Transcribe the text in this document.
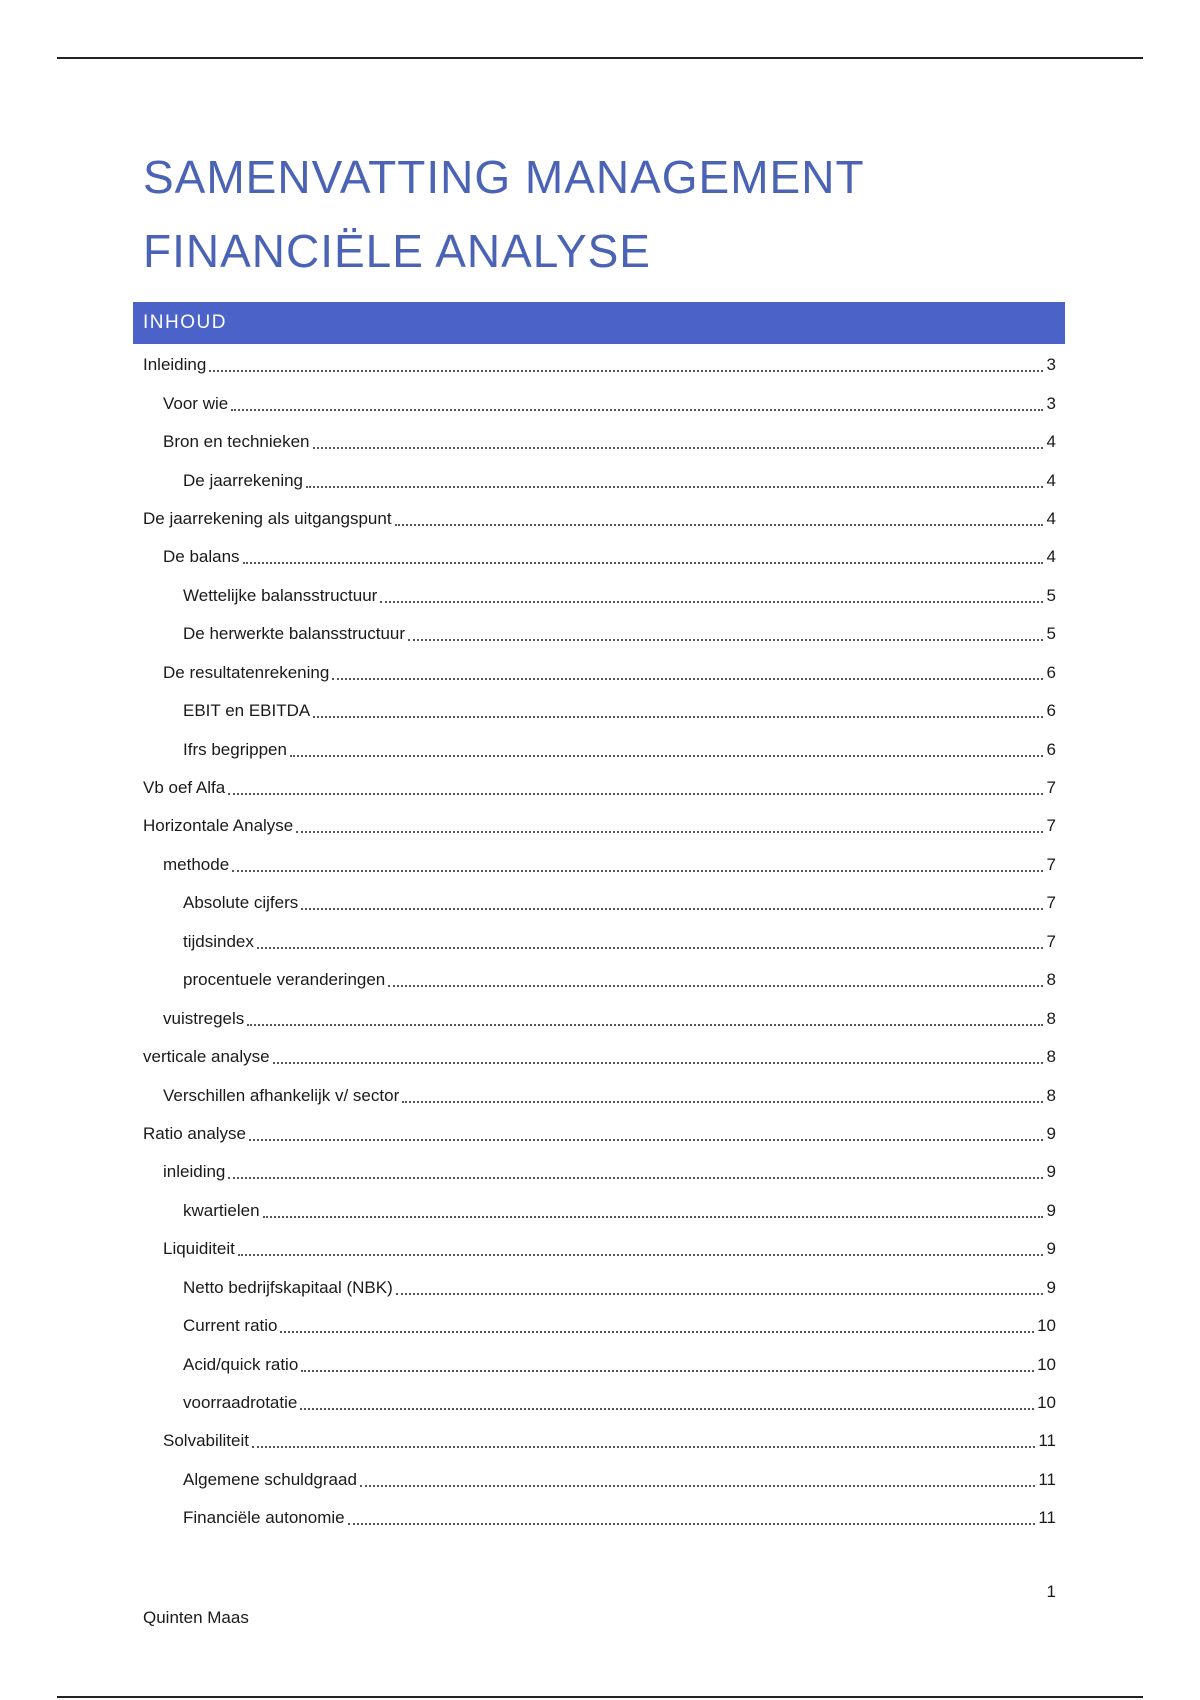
SAMENVATTING MANAGEMENT
FINANCIËLE ANALYSE
INHOUD
Inleiding	3
Voor wie	3
Bron en technieken	4
De jaarrekening	4
De jaarrekening als uitgangspunt	4
De balans	4
Wettelijke balansstructuur	5
De herwerkte balansstructuur	5
De resultatenrekening	6
EBIT en EBITDA	6
Ifrs begrippen	6
Vb oef Alfa	7
Horizontale Analyse	7
methode	7
Absolute cijfers	7
tijdsindex	7
procentuele veranderingen	8
vuistregels	8
verticale analyse	8
Verschillen afhankelijk v/ sector	8
Ratio analyse	9
inleiding	9
kwartielen	9
Liquiditeit	9
Netto bedrijfskapitaal (NBK)	9
Current ratio	10
Acid/quick ratio	10
voorraadrotatie	10
Solvabiliteit	11
Algemene schuldgraad	11
Financiële autonomie	11
1
Quinten Maas
